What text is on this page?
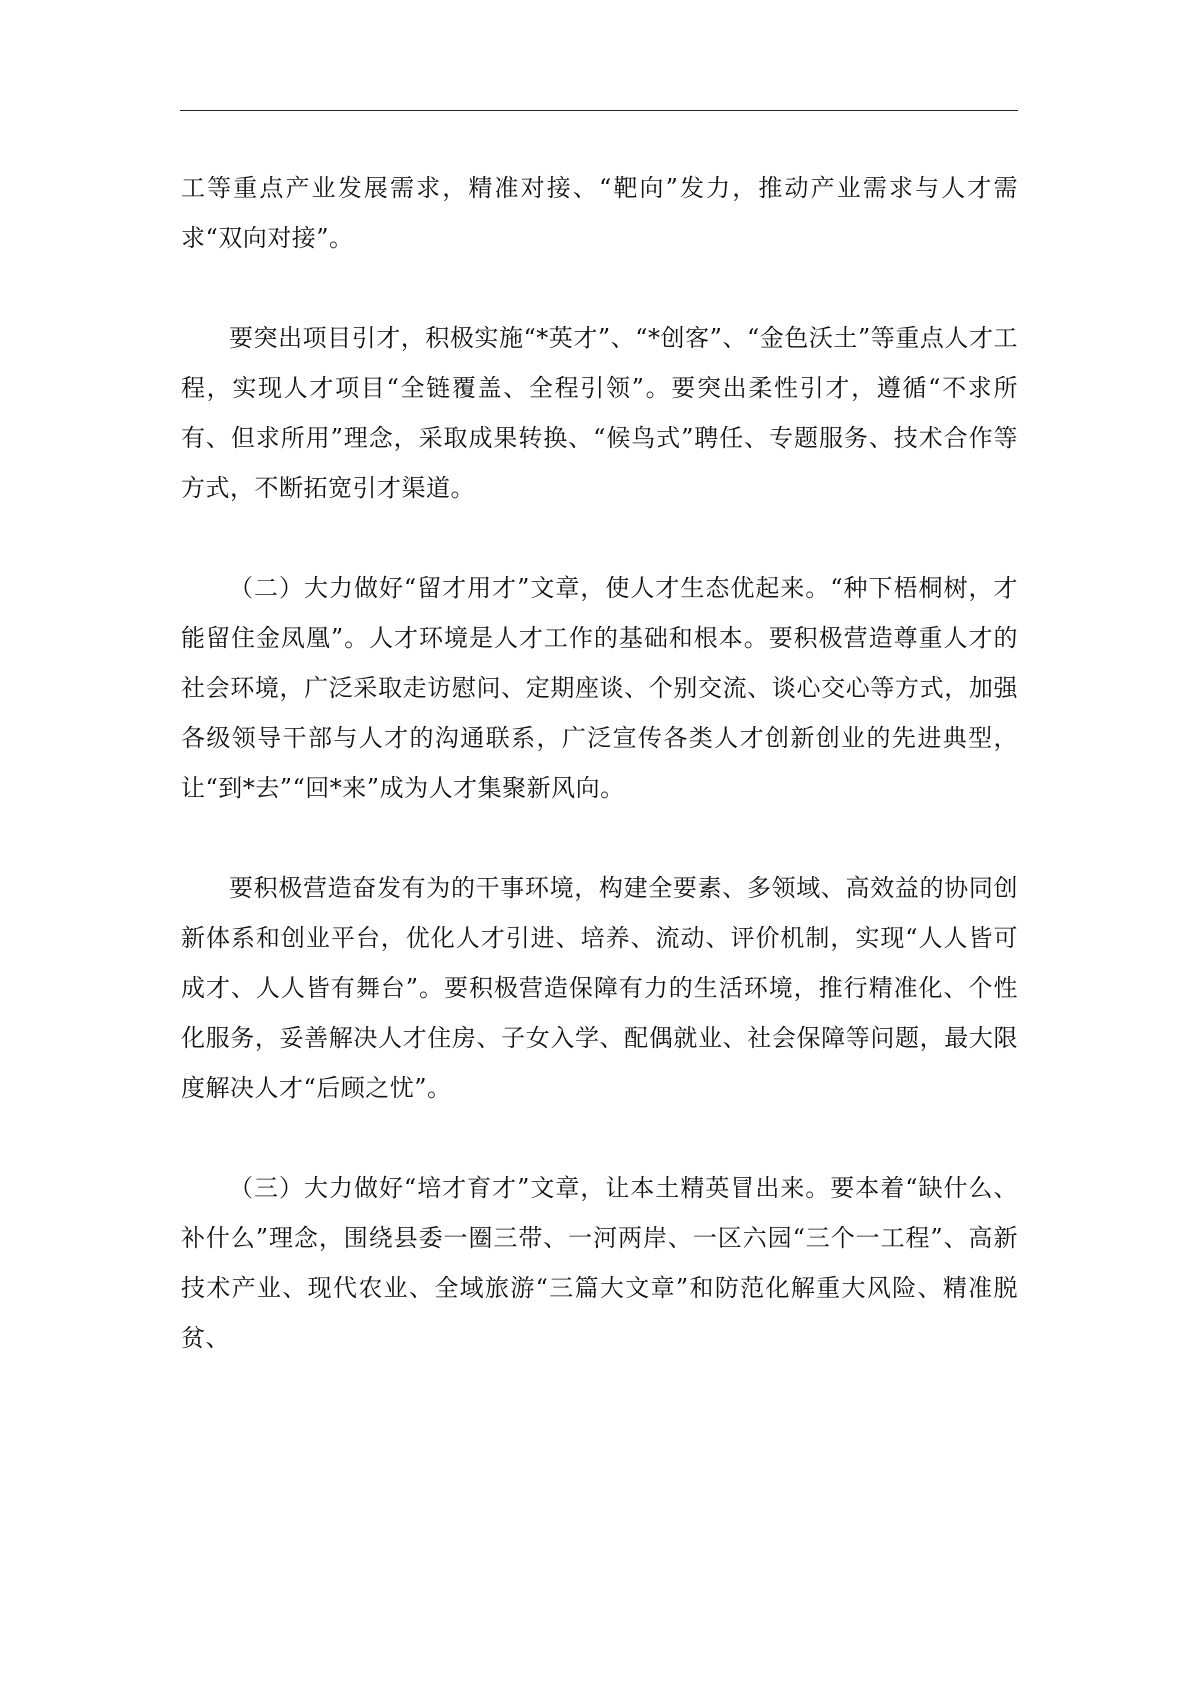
工等重点产业发展需求，精准对接、“靶向”发力，推动产业需求与人才需求“双向对接”。

要突出项目引才，积极实施“*英才”、“*创客”、“金色沃土”等重点人才工程，实现人才项目“全链覆盖、全程引领”。要突出柔性引才，遵循“不求所有、但求所用”理念，采取成果转换、“候鸟式”聘任、专题服务、技术合作等方式，不断拓宽引才渠道。

（二）大力做好“留才用才”文章，使人才生态优起来。“种下梧桐树，才能留住金凤凰”。人才环境是人才工作的基础和根本。要积极营造尊重人才的社会环境，广泛采取走访慰问、定期座谈、个别交流、谈心交心等方式，加强各级领导干部与人才的沟通联系，广泛宣传各类人才创新创业的先进典型，让“到*去”“回*来”成为人才集聚新风向。

要积极营造奋发有为的干事环境，构建全要素、多领域、高效益的协同创新体系和创业平台，优化人才引进、培养、流动、评价机制，实现“人人皆可成才、人人皆有舞台”。要积极营造保障有力的生活环境，推行精准化、个性化服务，妥善解决人才住房、子女入学、配偶就业、社会保障等问题，最大限度解决人才“后顾之忧”。

（三）大力做好“培才育才”文章，让本土精英冒出来。要本着“缺什么、补什么”理念，围绕县委一圈三带、一河两岸、一区六园“三个一工程”、高新技术产业、现代农业、全域旅游“三篇大文章”和防范化解重大风险、精准脱贫、
